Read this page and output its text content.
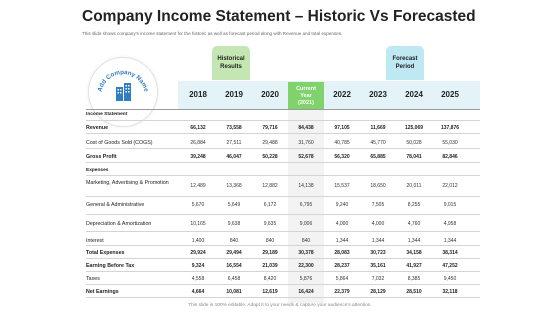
Company Income Statement – Historic Vs Forecasted
This slide shows company's income statement for the historic as well as forecast period along with Revenue and total expenses.
Add Company Name
Historical
Results
Forecast
Period
2018	2019	2020
Current
Year
(2021)
2022	2023	2024	2025
Income Statement
Expenses
Revenue	66,132	73,558	79,716	84,438	97,105	11,669	125,069	137,876
Cost of Goods Sold (COGS)	26,884	27,511	29,488	31,760	40,785	45,770	50,028	55,030
Gross Profit	39,248	46,047	50,228	52,678	56,320	65,885	78,041	82,846
Marketing, Advertising & Promotion	12,489	13,368	12,882	14,138	15,537	18,650	20,011	22,012
General & Administrative	5,670	5,649	6,172	6,795	9,240	7,505	8,255	9,015
Depreciation & Amortization	10,165	9,638	9,635	9,006	4,000	4,000	4,760	4,958
Interest	1,400	840	840	840	1,344	1,344	1,344	1,344
Total Expenses	29,924	29,494	29,189	30,378	28,083	30,723	34,158	38,314
Earning Before Tax	9,324	16,554	21,039	22,300	28,237	35,161	41,927	47,252
Taxes	4,558	6,458	8,420	5,876	5,864	7,032	8,385	9,450
Net Earnings	4,664	10,081	12,619	16,424	22,379	28,129	28,510	32,118
This slide is 100% editable. Adapt it to your needs & capture your audience's attention.
